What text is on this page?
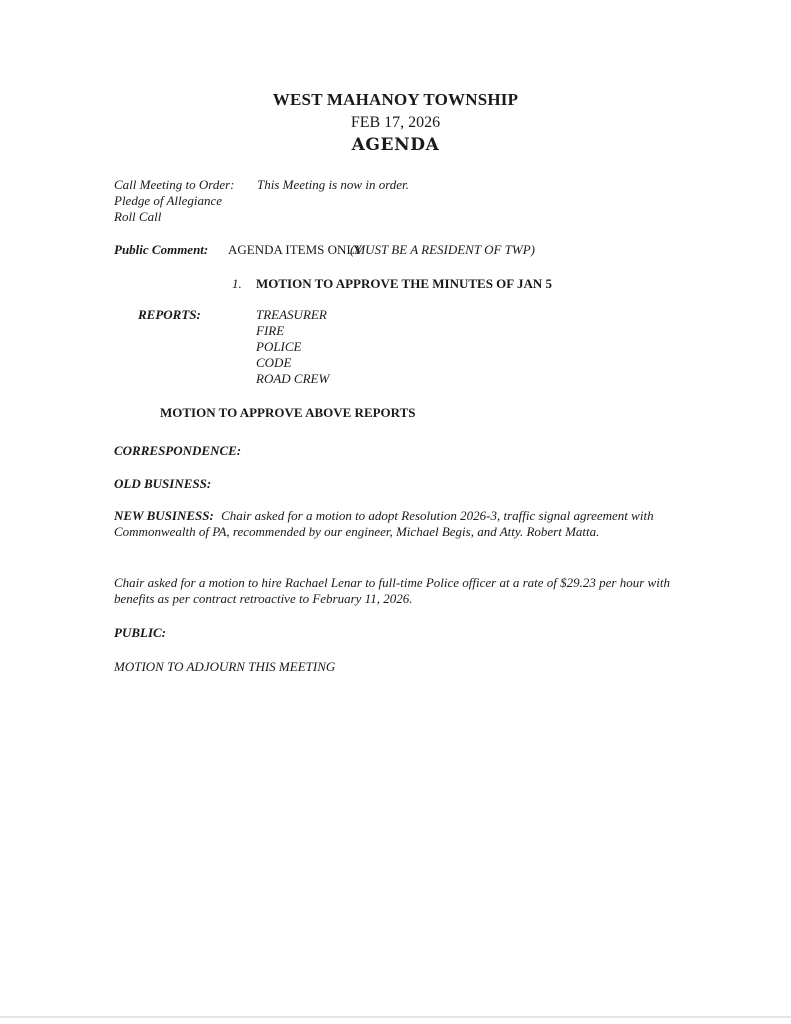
WEST MAHANOY TOWNSHIP
FEB 17, 2026
AGENDA
Call Meeting to Order: This Meeting is now in order.
Pledge of Allegiance
Roll Call
Public Comment: AGENDA ITEMS ONLY
(MUST BE A RESIDENT OF TWP)
1. MOTION TO APPROVE THE MINUTES OF JAN 5
REPORTS:	TREASURER
FIRE
POLICE
CODE
ROAD CREW
MOTION TO APPROVE ABOVE REPORTS
CORRESPONDENCE:
OLD BUSINESS:
NEW BUSINESS: Chair asked for a motion to adopt Resolution 2026-3, traffic signal agreement with Commonwealth of PA, recommended by our engineer, Michael Begis, and Atty. Robert Matta.
Chair asked for a motion to hire Rachael Lenar to full-time Police officer at a rate of $29.23 per hour with benefits as per contract retroactive to February 11, 2026.
PUBLIC:
MOTION TO ADJOURN THIS MEETING
